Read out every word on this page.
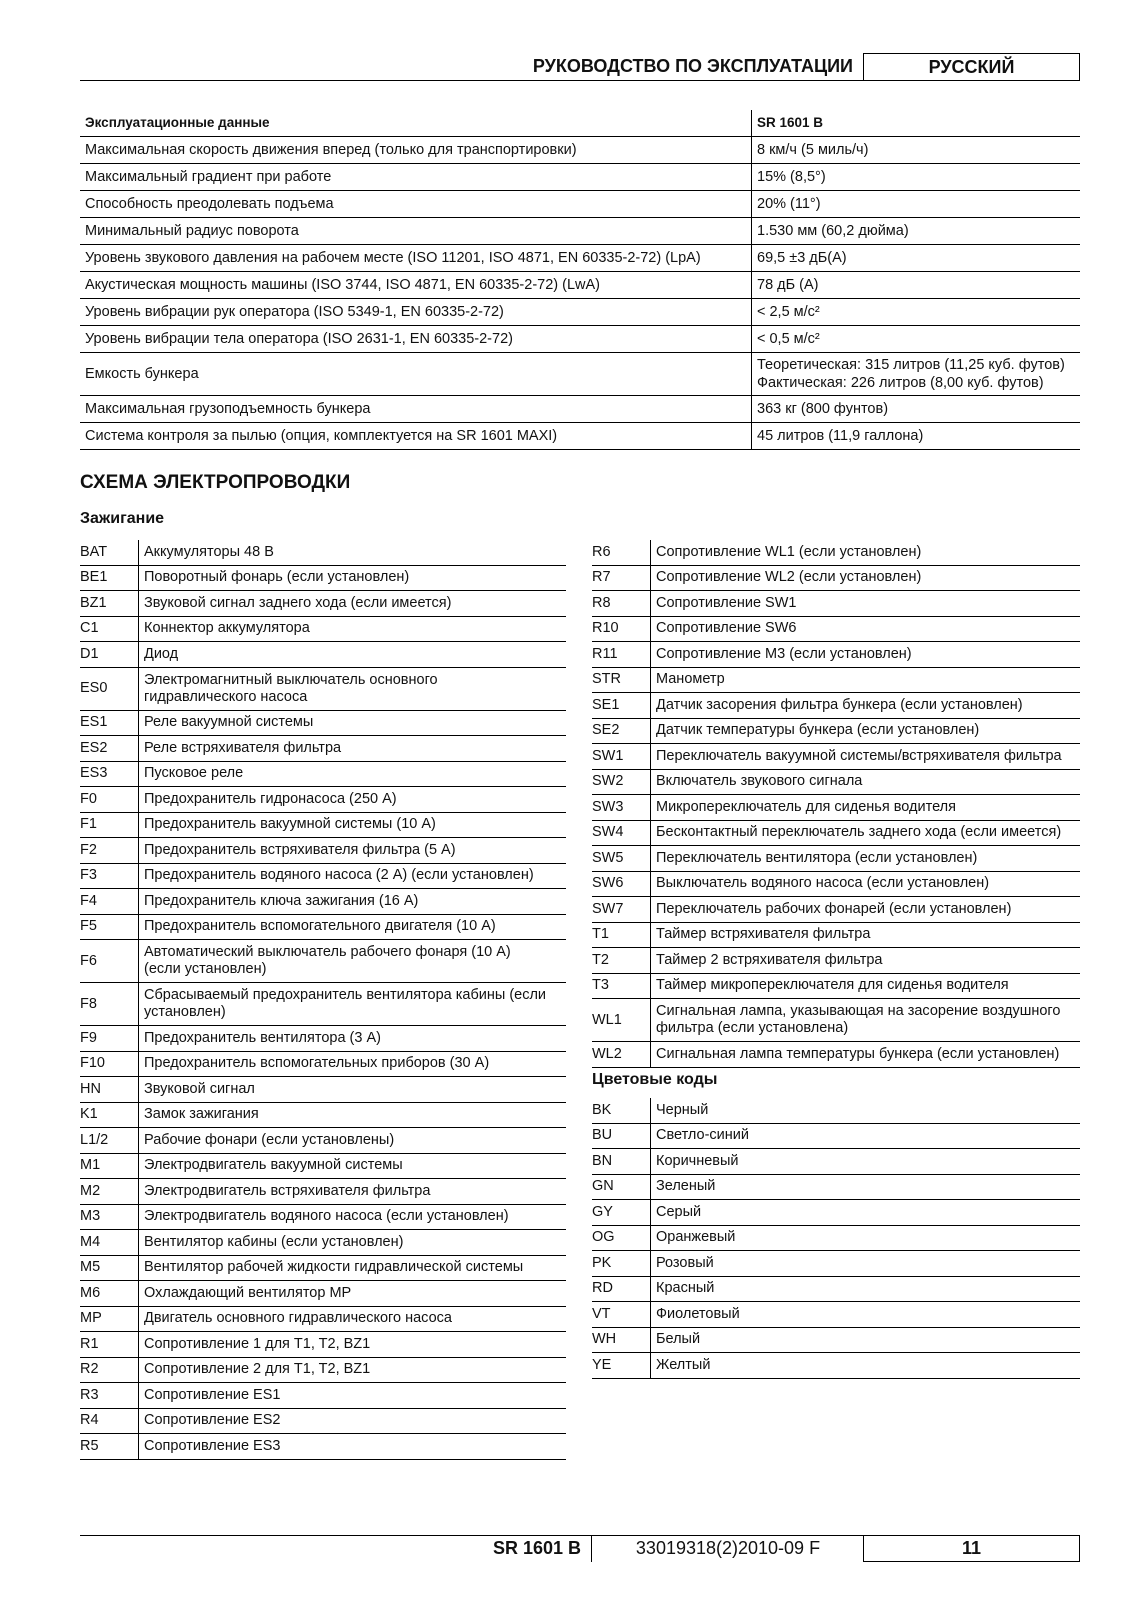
РУКОВОДСТВО ПО ЭКСПЛУАТАЦИИ	РУССКИЙ
Эксплуатационные данные	SR 1601 B
Максимальная скорость движения вперед (только для транспортировки)	8 км/ч (5 миль/ч)

Максимальный градиент при работе	15% (8,5°)

Способность преодолевать подъема	20% (11°)

Минимальный радиус поворота	1.530 мм (60,2 дюйма)

Уровень звукового давления на рабочем месте (ISO 11201, ISO 4871, EN 60335-2-72) (LpA)	69,5 ±3 дБ(A)

Акустическая мощность машины (ISO 3744, ISO 4871, EN 60335-2-72) (LwA)	78 дБ (A)

Уровень вибрации рук оператора (ISO 5349-1, EN 60335-2-72)	< 2,5 м/с²

Уровень вибрации тела оператора (ISO 2631-1, EN 60335-2-72)	< 0,5 м/с²

Емкость бункера	Теоретическая: 315 литров (11,25 куб. футов)
Фактическая: 226 литров (8,00 куб. футов)

Максимальная грузоподъемность бункера	363 кг (800 фунтов)

Система контроля за пылью (опция, комплектуется на SR 1601 MAXI)	45 литров (11,9 галлона)
СХЕМА ЭЛЕКТРОПРОВОДКИ
Зажигание
BAT	Аккумуляторы 48 В

BE1	Поворотный фонарь (если установлен)

BZ1	Звуковой сигнал заднего хода (если имеется)

C1	Коннектор аккумулятора

D1	Диод

ES0	Электромагнитный выключатель основного
гидравлического насоса

ES1	Реле вакуумной системы

ES2	Реле встряхивателя фильтра

ES3	Пусковое реле

F0	Предохранитель гидронасоса (250 А)

F1	Предохранитель вакуумной системы (10 А)

F2	Предохранитель встряхивателя фильтра (5 А)

F3	Предохранитель водяного насоса (2 А) (если установлен)

F4	Предохранитель ключа зажигания (16 А)

F5	Предохранитель вспомогательного двигателя (10 А)

F6	Автоматический выключатель рабочего фонаря (10 А)
(если установлен)

F8	Сбрасываемый предохранитель вентилятора кабины (если
установлен)

F9	Предохранитель вентилятора (3 А)

F10	Предохранитель вспомогательных приборов (30 А)

HN	Звуковой сигнал

K1	Замок зажигания

L1/2	Рабочие фонари (если установлены)

M1	Электродвигатель вакуумной системы

M2	Электродвигатель встряхивателя фильтра

M3	Электродвигатель водяного насоса (если установлен)

M4	Вентилятор кабины (если установлен)

M5	Вентилятор рабочей жидкости гидравлической системы

M6	Охлаждающий вентилятор MP

MP	Двигатель основного гидравлического насоса

R1	Сопротивление 1 для T1, T2, BZ1

R2	Сопротивление 2 для T1, T2, BZ1

R3	Сопротивление ES1

R4	Сопротивление ES2

R5	Сопротивление ES3
R6	Сопротивление WL1 (если установлен)

R7	Сопротивление WL2 (если установлен)

R8	Сопротивление SW1

R10	Сопротивление SW6

R11	Сопротивление M3 (если установлен)

STR	Манометр

SE1	Датчик засорения фильтра бункера (если установлен)

SE2	Датчик температуры бункера (если установлен)

SW1	Переключатель вакуумной системы/встряхивателя фильтра

SW2	Включатель звукового сигнала

SW3	Микропереключатель для сиденья водителя

SW4	Бесконтактный переключатель заднего хода (если имеется)

SW5	Переключатель вентилятора (если установлен)

SW6	Выключатель водяного насоса (если установлен)

SW7	Переключатель рабочих фонарей (если установлен)

T1	Таймер встряхивателя фильтра

T2	Таймер 2 встряхивателя фильтра

T3	Таймер микропереключателя для сиденья водителя

WL1	Сигнальная лампа, указывающая на засорение воздушного
фильтра (если установлена)

WL2	Сигнальная лампа температуры бункера (если установлен)
Цветовые коды
BK	Черный

BU	Светло-синий

BN	Коричневый

GN	Зеленый

GY	Серый

OG	Оранжевый

PK	Розовый

RD	Красный

VT	Фиолетовый

WH	Белый

YE	Желтый
SR 1601 B	33019318(2)2010-09 F	11
